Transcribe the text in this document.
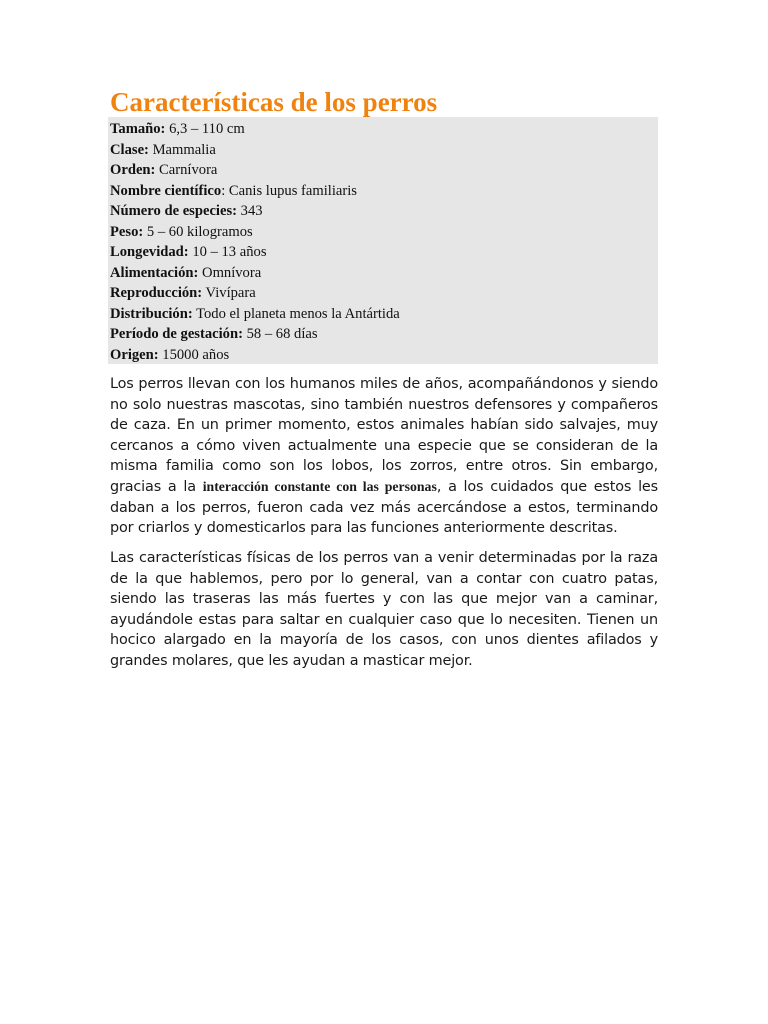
Características de los perros
Tamaño: 6,3 – 110 cm
Clase: Mammalia
Orden: Carnívora
Nombre científico: Canis lupus familiaris
Número de especies: 343
Peso: 5 – 60 kilogramos
Longevidad: 10 – 13 años
Alimentación: Omnívora
Reproducción: Vivípara
Distribución: Todo el planeta menos la Antártida
Período de gestación: 58 – 68 días
Origen: 15000 años

Los perros llevan con los humanos miles de años, acompañándonos y siendo no solo nuestras mascotas, sino también nuestros defensores y compañeros de caza. En un primer momento, estos animales habían sido salvajes, muy cercanos a cómo viven actualmente una especie que se consideran de la misma familia como son los lobos, los zorros, entre otros. Sin embargo, gracias a la interacción constante con las personas, a los cuidados que estos les daban a los perros, fueron cada vez más acercándose a estos, terminando por criarlos y domesticarlos para las funciones anteriormente descritas.

Las características físicas de los perros van a venir determinadas por la raza de la que hablemos, pero por lo general, van a contar con cuatro patas, siendo las traseras las más fuertes y con las que mejor van a caminar, ayudándole estas para saltar en cualquier caso que lo necesiten. Tienen un hocico alargado en la mayoría de los casos, con unos dientes afilados y grandes molares, que les ayudan a masticar mejor.
